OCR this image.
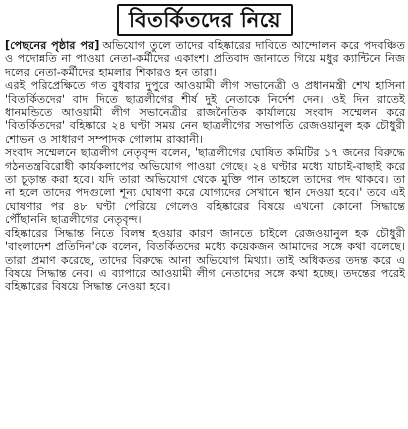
বিতর্কিতদের নিয়ে

[পেছনের পৃষ্ঠার পর] অভিযোগ তুলে তাদের বহিষ্কারের দাবিতে আন্দোলন করে পদবঞ্চিত ও পদোন্নতি না পাওয়া নেতা-কর্মীদের একাংশ। প্রতিবাদ জানাতে গিয়ে মধুর ক্যান্টিনে নিজ দলের নেতা-কর্মীদের হামলার শিকারও হন তারা।

এরই পরিপ্রেক্ষিতে গত বুধবার দুপুরে আওয়ামী লীগ সভানেত্রী ও প্রধানমন্ত্রী শেখ হাসিনা 'বিতর্কিতদের' বাদ দিতে ছাত্রলীগের শীর্ষ দুই নেতাকে নির্দেশ দেন। ওই দিন রাতেই ধানমন্ডিতে আওয়ামী লীগ সভানেত্রীর রাজনৈতিক কার্যালয়ে সংবাদ সম্মেলন করে 'বিতর্কিতদের' বহিষ্কারে ২৪ ঘণ্টা সময় নেন ছাত্রলীগের সভাপতি রেজওয়ানুল হক চৌধুরী শোভন ও সাধারণ সম্পাদক গোলাম রাব্বানী।

সংবাদ সম্মেলনে ছাত্রলীগ নেতৃবৃন্দ বলেন, 'ছাত্রলীগের ঘোষিত কমিটির ১৭ জনের বিরুদ্ধে গঠনতন্ত্রবিরোধী কার্যকলাপের অভিযোগ পাওয়া গেছে। ২৪ ঘণ্টার মধ্যে যাচাই-বাছাই করে তা চূড়ান্ত করা হবে। যদি তারা অভিযোগ থেকে মুক্তি পান তাহলে তাদের পদ থাকবে। তা না হলে তাদের পদগুলো শূন্য ঘোষণা করে যোগ্যদের সেখানে স্থান দেওয়া হবে।' তবে এই ঘোষণার পর ৪৮ ঘণ্টা পেরিয়ে গেলেও বহিষ্কারের বিষয়ে এখনো কোনো সিদ্ধান্তে পৌঁছাননি ছাত্রলীগের নেতৃবৃন্দ।

বহিষ্কারের সিদ্ধান্ত নিতে বিলম্ব হওয়ার কারণ জানতে চাইলে রেজওয়ানুল হক চৌধুরী 'বাংলাদেশ প্রতিদিন'কে বলেন, বিতর্কিতদের মধ্যে কয়েকজন আমাদের সঙ্গে কথা বলেছে। তারা প্রমাণ করেছে, তাদের বিরুদ্ধে আনা অভিযোগ মিথ্যা। তাই অধিকতর তদন্ত করে এ বিষয়ে সিদ্ধান্ত নেব। এ ব্যাপারে আওয়ামী লীগ নেতাদের সঙ্গে কথা হচ্ছে। তদন্তের পরেই বহিষ্কারের বিষয়ে সিদ্ধান্ত নেওয়া হবে।
